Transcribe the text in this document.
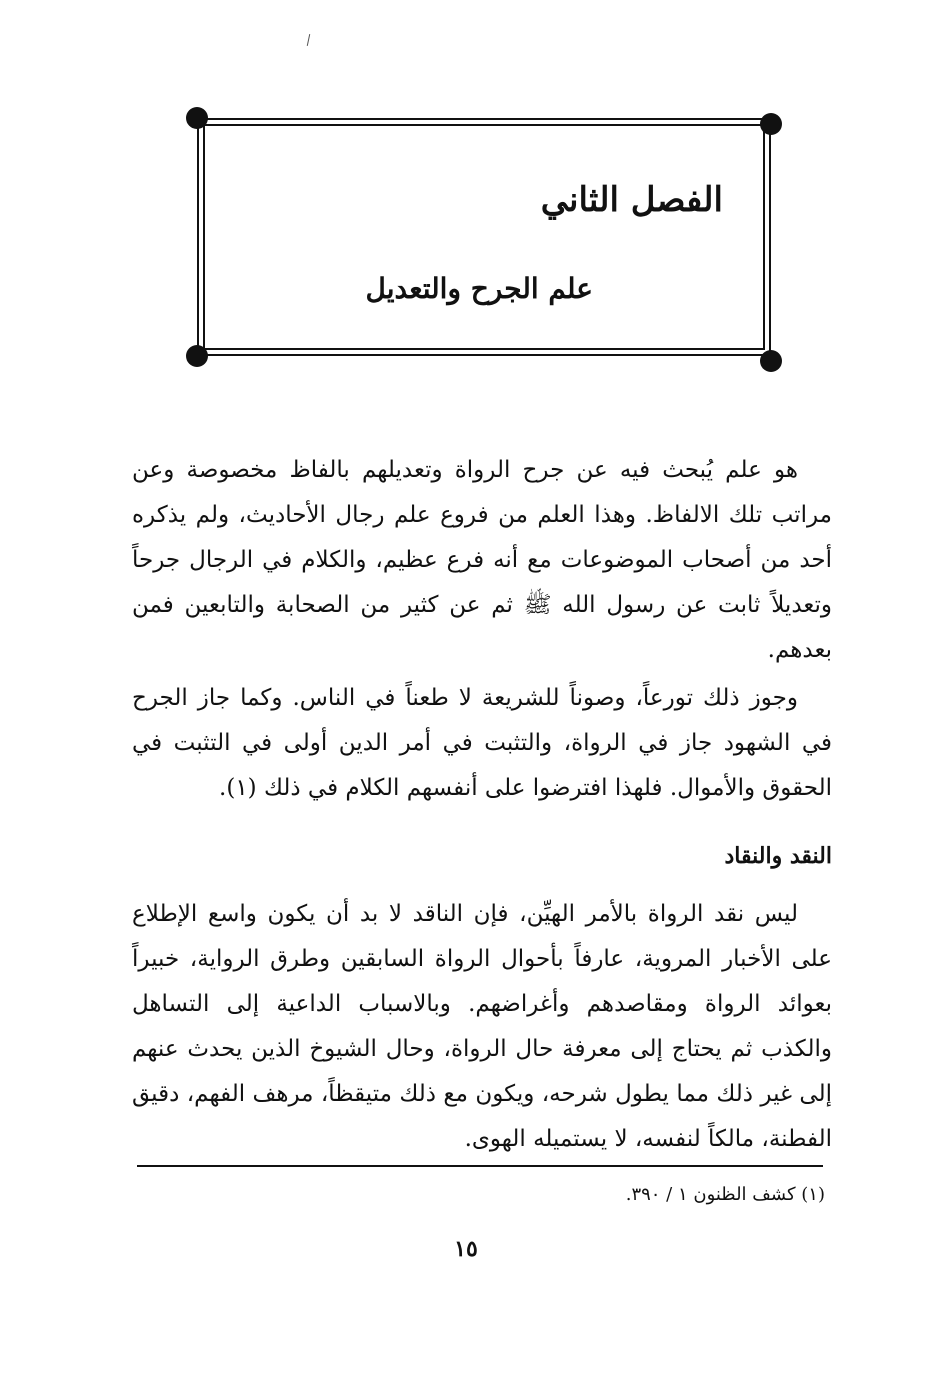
الفصل الثاني
علم الجرح والتعديل

هو علم يُبحث فيه عن جرح الرواة وتعديلهم بالفاظ مخصوصة وعن مراتب تلك الالفاظ. وهذا العلم من فروع علم رجال الأحاديث، ولم يذكره أحد من أصحاب الموضوعات مع أنه فرع عظيم، والكلام في الرجال جرحاً وتعديلاً ثابت عن رسول الله ﷺ ثم عن كثير من الصحابة والتابعين فمن بعدهم.

وجوز ذلك تورعاً، وصوناً للشريعة لا طعناً في الناس. وكما جاز الجرح في الشهود جاز في الرواة، والتثبت في أمر الدين أولى في التثبت في الحقوق والأموال. فلهذا افترضوا على أنفسهم الكلام في ذلك (١).

النقد والنقاد

ليس نقد الرواة بالأمر الهيِّن، فإن الناقد لا بد أن يكون واسع الإطلاع على الأخبار المروية، عارفاً بأحوال الرواة السابقين وطرق الرواية، خبيراً بعوائد الرواة ومقاصدهم وأغراضهم. وبالاسباب الداعية إلى التساهل والكذب ثم يحتاج إلى معرفة حال الرواة، وحال الشيوخ الذين يحدث عنهم إلى غير ذلك مما يطول شرحه، ويكون مع ذلك متيقظاً، مرهف الفهم، دقيق الفطنة، مالكاً لنفسه، لا يستميله الهوى.

(١) كشف الظنون ١ / ٣٩٠.
١٥
